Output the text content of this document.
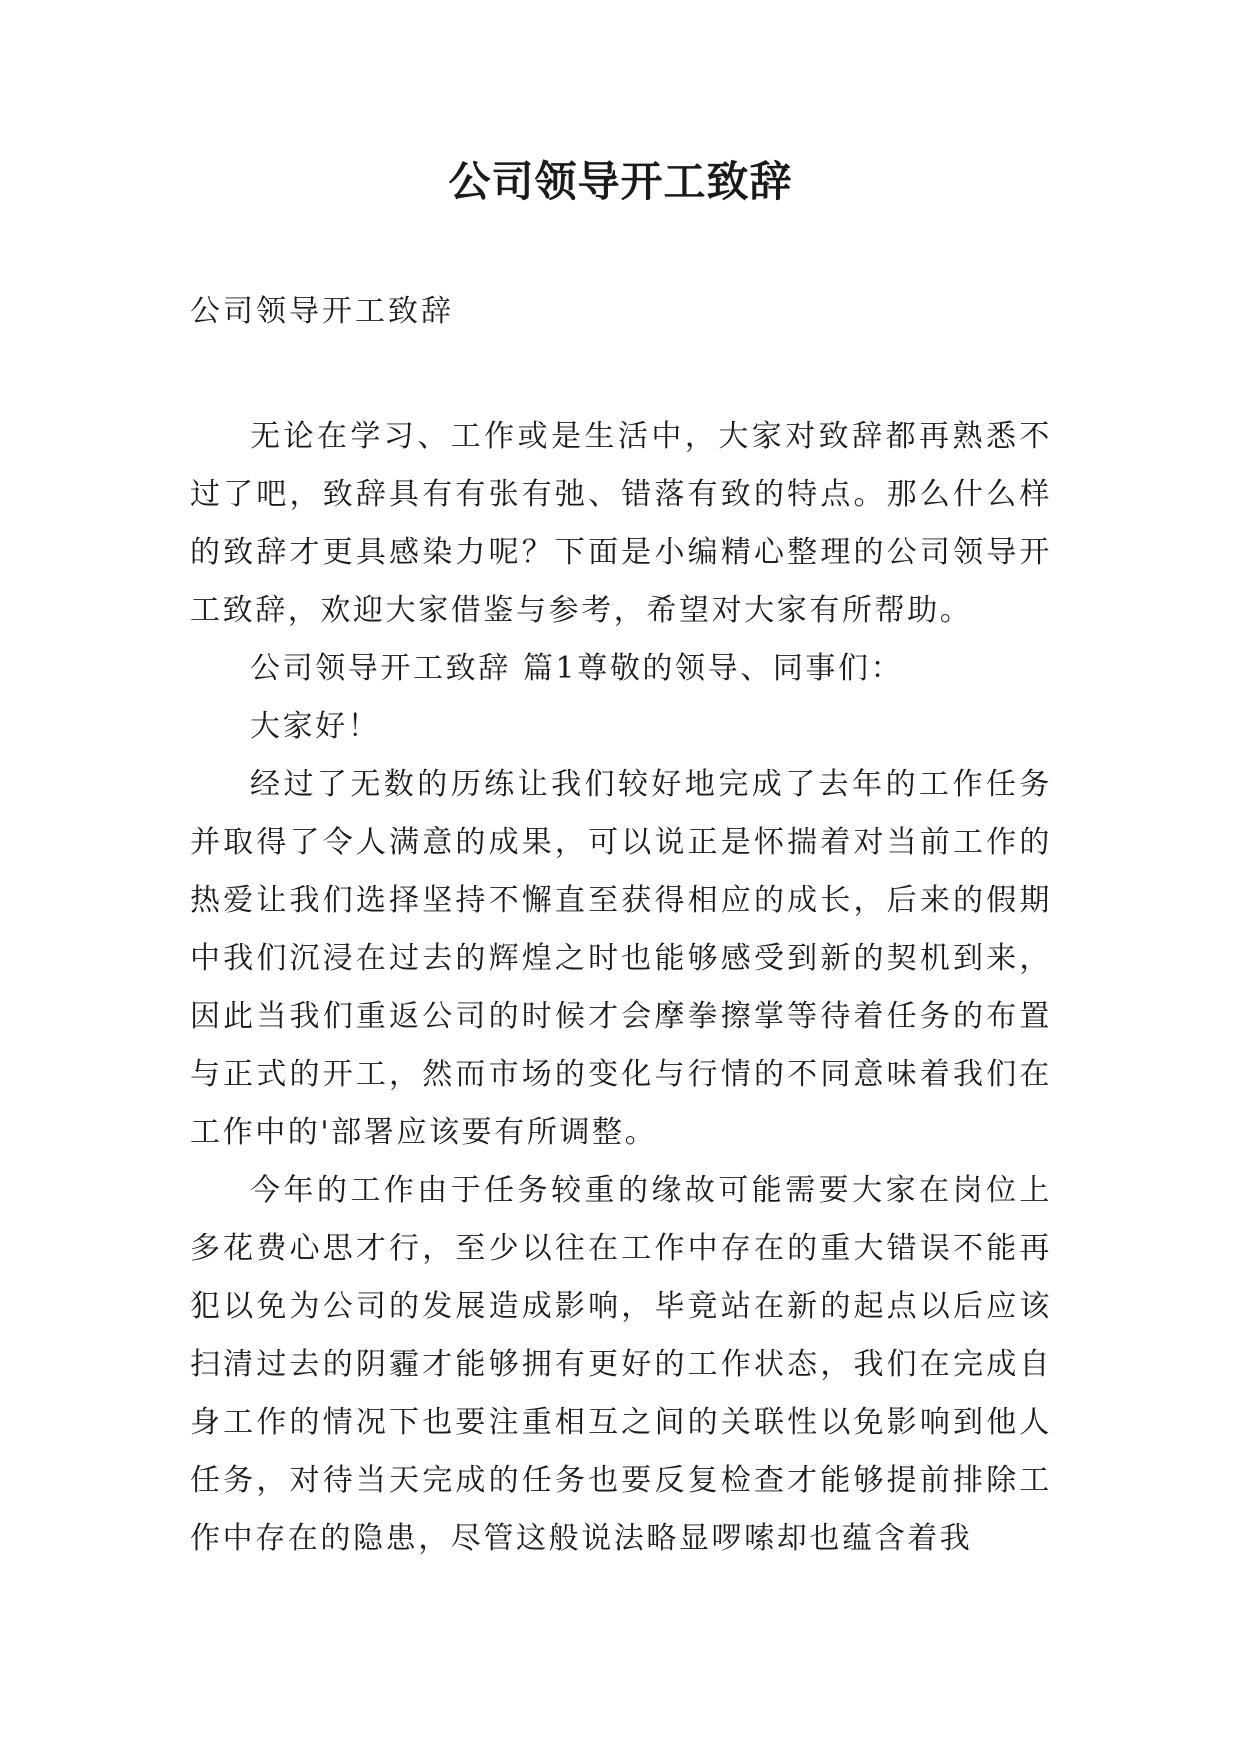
公司领导开工致辞

公司领导开工致辞

无论在学习、工作或是生活中，大家对致辞都再熟悉不过了吧，致辞具有有张有弛、错落有致的特点。那么什么样的致辞才更具感染力呢？下面是小编精心整理的公司领导开工致辞，欢迎大家借鉴与参考，希望对大家有所帮助。

公司领导开工致辞 篇1尊敬的领导、同事们：

大家好！

经过了无数的历练让我们较好地完成了去年的工作任务并取得了令人满意的成果，可以说正是怀揣着对当前工作的热爱让我们选择坚持不懈直至获得相应的成长，后来的假期中我们沉浸在过去的辉煌之时也能够感受到新的契机到来，因此当我们重返公司的时候才会摩拳擦掌等待着任务的布置与正式的开工，然而市场的变化与行情的不同意味着我们在工作中的'部署应该要有所调整。

今年的工作由于任务较重的缘故可能需要大家在岗位上多花费心思才行，至少以往在工作中存在的重大错误不能再犯以免为公司的发展造成影响，毕竟站在新的起点以后应该扫清过去的阴霾才能够拥有更好的工作状态，我们在完成自身工作的情况下也要注重相互之间的关联性以免影响到他人任务，对待当天完成的任务也要反复检查才能够提前排除工作中存在的隐患，尽管这般说法略显啰嗦却也蕴含着我
